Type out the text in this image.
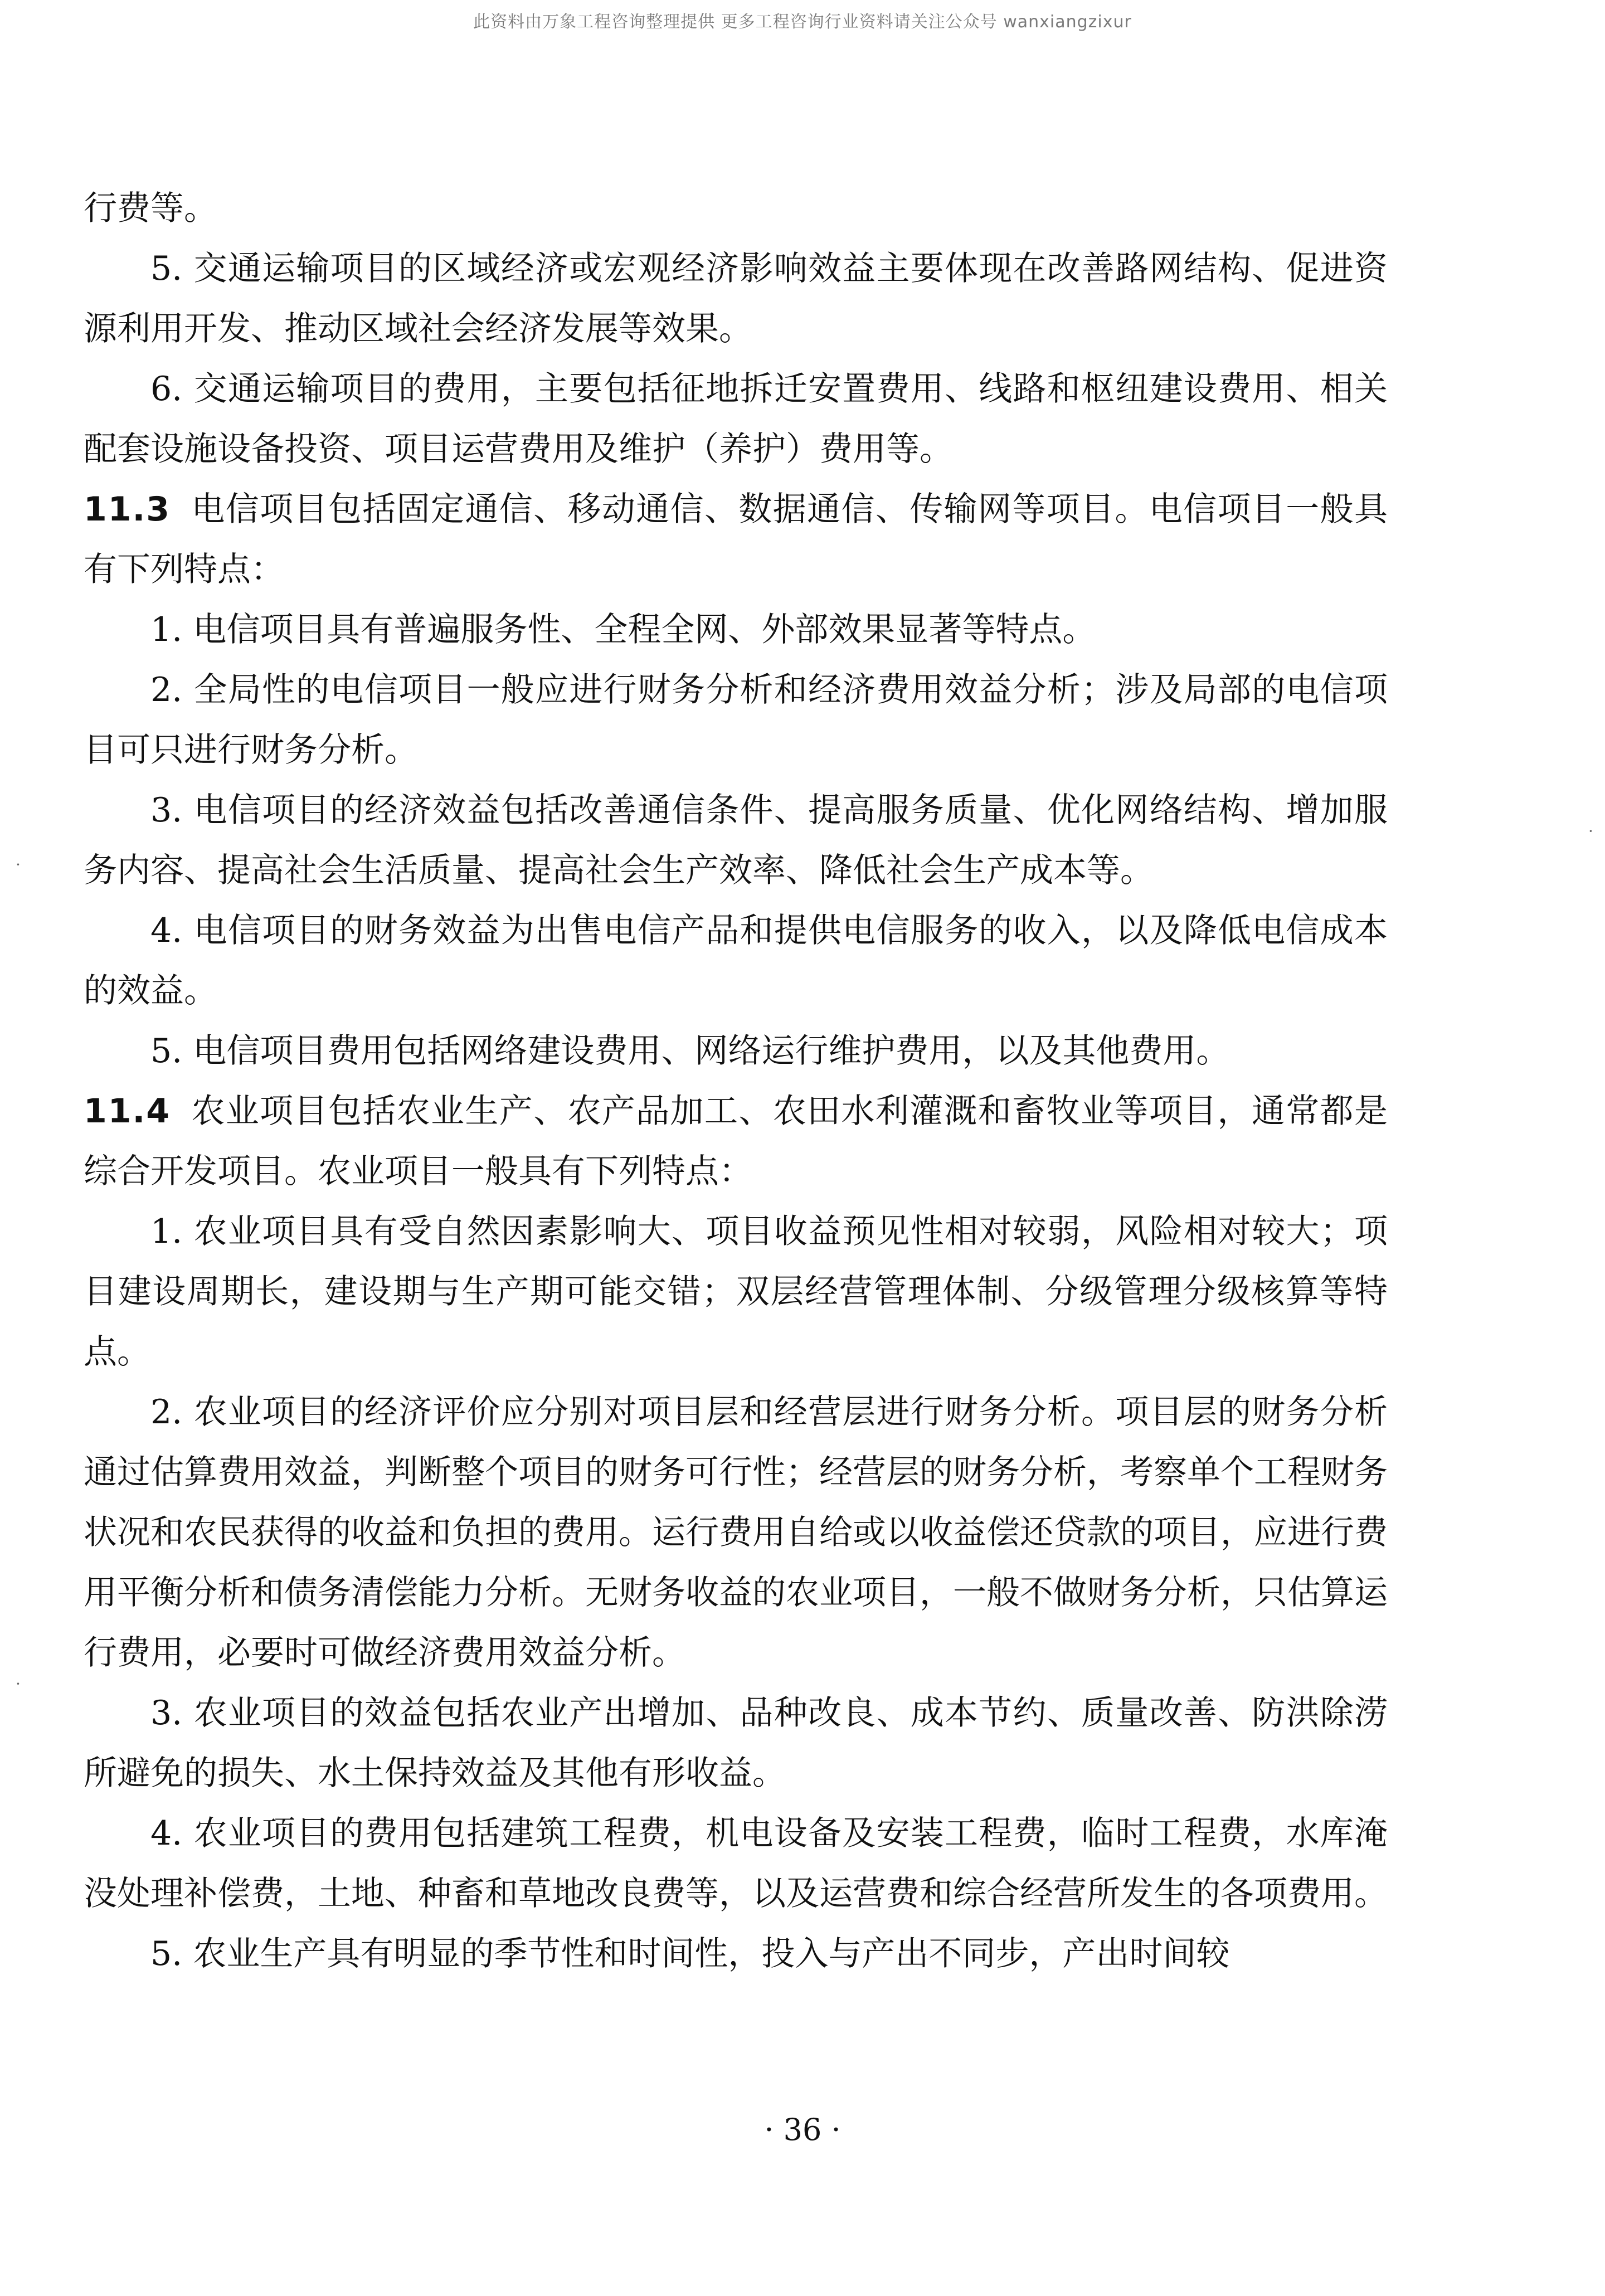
此资料由万象工程咨询整理提供 更多工程咨询行业资料请关注公众号 wanxiangzixur

行费等。

5. 交通运输项目的区域经济或宏观经济影响效益主要体现在改善路网结构、促进资源利用开发、推动区域社会经济发展等效果。

6. 交通运输项目的费用，主要包括征地拆迁安置费用、线路和枢纽建设费用、相关配套设施设备投资、项目运营费用及维护（养护）费用等。

11.3 电信项目包括固定通信、移动通信、数据通信、传输网等项目。电信项目一般具有下列特点：

1. 电信项目具有普遍服务性、全程全网、外部效果显著等特点。

2. 全局性的电信项目一般应进行财务分析和经济费用效益分析；涉及局部的电信项目可只进行财务分析。

3. 电信项目的经济效益包括改善通信条件、提高服务质量、优化网络结构、增加服务内容、提高社会生活质量、提高社会生产效率、降低社会生产成本等。

4. 电信项目的财务效益为出售电信产品和提供电信服务的收入，以及降低电信成本的效益。

5. 电信项目费用包括网络建设费用、网络运行维护费用，以及其他费用。

11.4 农业项目包括农业生产、农产品加工、农田水利灌溉和畜牧业等项目，通常都是综合开发项目。农业项目一般具有下列特点：

1. 农业项目具有受自然因素影响大、项目收益预见性相对较弱，风险相对较大；项目建设周期长，建设期与生产期可能交错；双层经营管理体制、分级管理分级核算等特点。

2. 农业项目的经济评价应分别对项目层和经营层进行财务分析。项目层的财务分析通过估算费用效益，判断整个项目的财务可行性；经营层的财务分析，考察单个工程财务状况和农民获得的收益和负担的费用。运行费用自给或以收益偿还贷款的项目，应进行费用平衡分析和债务清偿能力分析。无财务收益的农业项目，一般不做财务分析，只估算运行费用，必要时可做经济费用效益分析。

3. 农业项目的效益包括农业产出增加、品种改良、成本节约、质量改善、防洪除涝所避免的损失、水土保持效益及其他有形收益。

4. 农业项目的费用包括建筑工程费，机电设备及安装工程费，临时工程费，水库淹没处理补偿费，土地、种畜和草地改良费等，以及运营费和综合经营所发生的各项费用。

5. 农业生产具有明显的季节性和时间性，投入与产出不同步，产出时间较

· 36 ·
·
·
·
